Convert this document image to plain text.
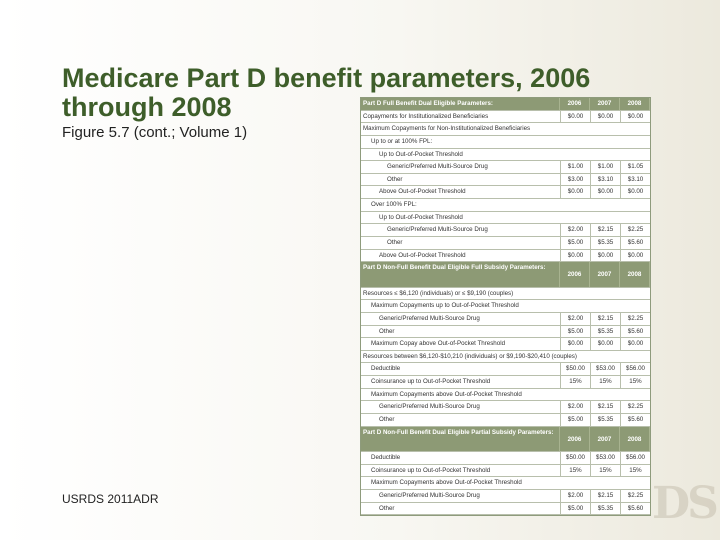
Medicare Part D benefit parameters, 2006 through 2008
Figure 5.7 (cont.; Volume 1)
USRDS 2011ADR	DS
Part D Full Benefit Dual Eligible Parameters:	2006	2007	2008
Copayments for Institutionalized Beneficiaries	$0.00	$0.00	$0.00
Maximum Copayments for Non-Institutionalized Beneficiaries
Up to or at 100% FPL:
Up to Out-of-Pocket Threshold
Generic/Preferred Multi-Source Drug	$1.00	$1.00	$1.05
Other	$3.00	$3.10	$3.10
Above Out-of-Pocket Threshold	$0.00	$0.00	$0.00
Over 100% FPL:
Up to Out-of-Pocket Threshold
Generic/Preferred Multi-Source Drug	$2.00	$2.15	$2.25
Other	$5.00	$5.35	$5.60
Above Out-of-Pocket Threshold	$0.00	$0.00	$0.00
Part D Non-Full Benefit Dual Eligible Full Subsidy Parameters:
2006	2007	2008
Resources ≤ $6,120 (individuals) or ≤ $9,190 (couples)
Maximum Copayments up to Out-of-Pocket Threshold
Generic/Preferred Multi-Source Drug	$2.00	$2.15	$2.25
Other	$5.00	$5.35	$5.60
Maximum Copay above Out-of-Pocket Threshold	$0.00	$0.00	$0.00
Resources between $6,120-$10,210 (individuals) or $9,190-$20,410 (couples)
Deductible	$50.00	$53.00	$56.00
Coinsurance up to Out-of-Pocket Threshold	15%	15%	15%
Maximum Copayments above Out-of-Pocket Threshold
Generic/Preferred Multi-Source Drug	$2.00	$2.15	$2.25
Other	$5.00	$5.35	$5.60
Part D Non-Full Benefit Dual Eligible Partial Subsidy Parameters:
2006	2007	2008
Deductible	$50.00	$53.00	$56.00
Coinsurance up to Out-of-Pocket Threshold	15%	15%	15%
Maximum Copayments above Out-of-Pocket Threshold
Generic/Preferred Multi-Source Drug	$2.00	$2.15	$2.25
Other	$5.00	$5.35	$5.60
